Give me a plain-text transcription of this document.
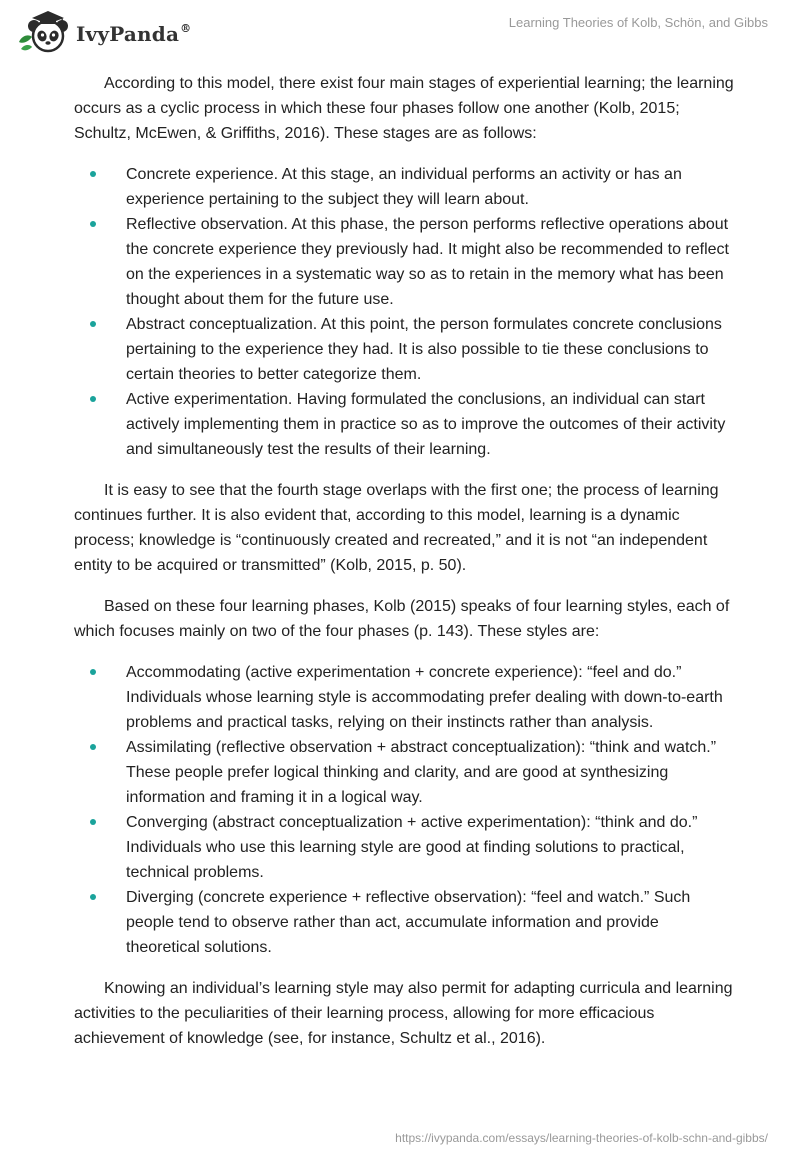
IvyPanda®	Learning Theories of Kolb, Schön, and Gibbs

According to this model, there exist four main stages of experiential learning; the learning occurs as a cyclic process in which these four phases follow one another (Kolb, 2015; Schultz, McEwen, & Griffiths, 2016). These stages are as follows:

Concrete experience. At this stage, an individual performs an activity or has an experience pertaining to the subject they will learn about.
Reflective observation. At this phase, the person performs reflective operations about the concrete experience they previously had. It might also be recommended to reflect on the experiences in a systematic way so as to retain in the memory what has been thought about them for the future use.
Abstract conceptualization. At this point, the person formulates concrete conclusions pertaining to the experience they had. It is also possible to tie these conclusions to certain theories to better categorize them.
Active experimentation. Having formulated the conclusions, an individual can start actively implementing them in practice so as to improve the outcomes of their activity and simultaneously test the results of their learning.

It is easy to see that the fourth stage overlaps with the first one; the process of learning continues further. It is also evident that, according to this model, learning is a dynamic process; knowledge is “continuously created and recreated,” and it is not “an independent entity to be acquired or transmitted” (Kolb, 2015, p. 50).

Based on these four learning phases, Kolb (2015) speaks of four learning styles, each of which focuses mainly on two of the four phases (p. 143). These styles are:

Accommodating (active experimentation + concrete experience): “feel and do.” Individuals whose learning style is accommodating prefer dealing with down-to-earth problems and practical tasks, relying on their instincts rather than analysis.
Assimilating (reflective observation + abstract conceptualization): “think and watch.” These people prefer logical thinking and clarity, and are good at synthesizing information and framing it in a logical way.
Converging (abstract conceptualization + active experimentation): “think and do.” Individuals who use this learning style are good at finding solutions to practical, technical problems.
Diverging (concrete experience + reflective observation): “feel and watch.” Such people tend to observe rather than act, accumulate information and provide theoretical solutions.

Knowing an individual’s learning style may also permit for adapting curricula and learning activities to the peculiarities of their learning process, allowing for more efficacious achievement of knowledge (see, for instance, Schultz et al., 2016).

https://ivypanda.com/essays/learning-theories-of-kolb-schn-and-gibbs/
